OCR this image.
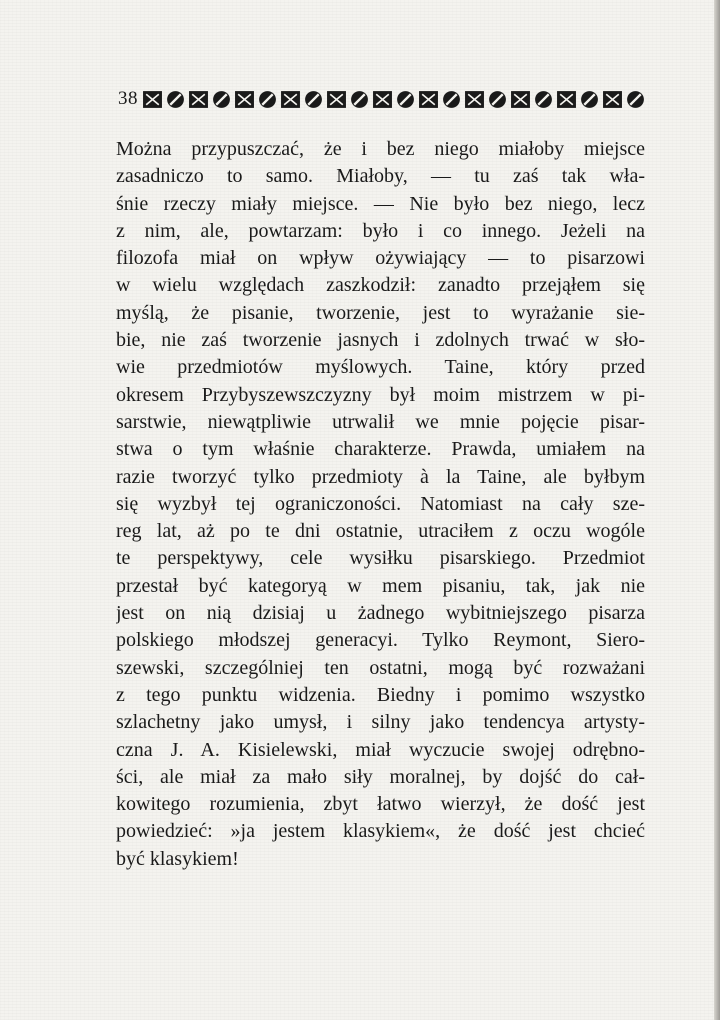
38
Można przypuszczać, że i bez niego miałoby miejsce
zasadniczo to samo. Miałoby, — tu zaś tak wła-
śnie rzeczy miały miejsce. — Nie było bez niego, lecz
z nim, ale, powtarzam: było i co innego. Jeżeli na
filozofa miał on wpływ ożywiający — to pisarzowi
w wielu względach zaszkodził: zanadto przejąłem się
myślą, że pisanie, tworzenie, jest to wyrażanie sie-
bie, nie zaś tworzenie jasnych i zdolnych trwać w sło-
wie przedmiotów myślowych. Taine, który przed
okresem Przybyszewszczyzny był moim mistrzem w pi-
sarstwie, niewątpliwie utrwalił we mnie pojęcie pisar-
stwa o tym właśnie charakterze. Prawda, umiałem na
razie tworzyć tylko przedmioty à la Taine, ale byłbym
się wyzbył tej ograniczoności. Natomiast na cały sze-
reg lat, aż po te dni ostatnie, utraciłem z oczu wogóle
te perspektywy, cele wysiłku pisarskiego. Przedmiot
przestał być kategoryą w mem pisaniu, tak, jak nie
jest on nią dzisiaj u żadnego wybitniejszego pisarza
polskiego młodszej generacyi. Tylko Reymont, Siero-
szewski, szczególniej ten ostatni, mogą być rozważani
z tego punktu widzenia. Biedny i pomimo wszystko
szlachetny jako umysł, i silny jako tendencya artysty-
czna J. A. Kisielewski, miał wyczucie swojej odrębno-
ści, ale miał za mało siły moralnej, by dojść do cał-
kowitego rozumienia, zbyt łatwo wierzył, że dość jest
powiedzieć: »ja jestem klasykiem«, że dość jest chcieć
być klasykiem!
